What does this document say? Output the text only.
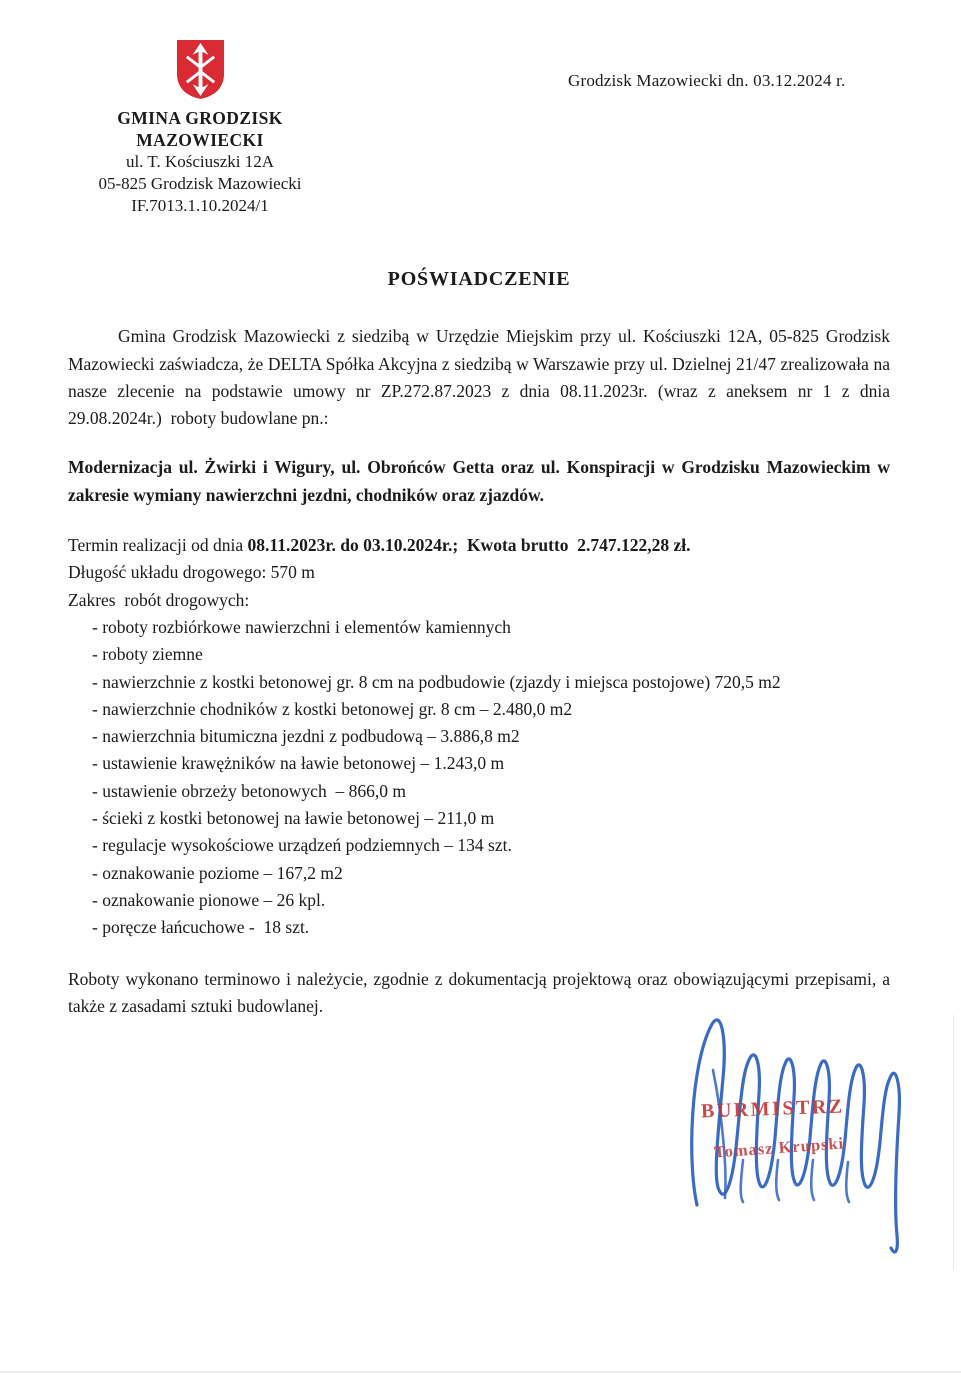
Grodzisk Mazowiecki dn. 03.12.2024 r.
GMINA GRODZISK
MAZOWIECKI
ul. T. Kościuszki 12A
05-825 Grodzisk Mazowiecki
IF.7013.1.10.2024/1
POŚWIADCZENIE

Gmina Grodzisk Mazowiecki z siedzibą w Urzędzie Miejskim przy ul. Kościuszki 12A, 05-825 Grodzisk Mazowiecki zaświadcza, że DELTA Spółka Akcyjna z siedzibą w Warszawie przy ul. Dzielnej 21/47 zrealizowała na nasze zlecenie na podstawie umowy nr ZP.272.87.2023 z dnia 08.11.2023r. (wraz z aneksem nr 1 z dnia 29.08.2024r.)  roboty budowlane pn.:

Modernizacja ul. Żwirki i Wigury, ul. Obrońców Getta oraz ul. Konspiracji w Grodzisku Mazowieckim w zakresie wymiany nawierzchni jezdni, chodników oraz zjazdów.

Termin realizacji od dnia 08.11.2023r. do 03.10.2024r.;  Kwota brutto  2.747.122,28 zł.
Długość układu drogowego: 570 m
Zakres  robót drogowych:
- roboty rozbiórkowe nawierzchni i elementów kamiennych
- roboty ziemne
- nawierzchnie z kostki betonowej gr. 8 cm na podbudowie (zjazdy i miejsca postojowe) 720,5 m2
- nawierzchnie chodników z kostki betonowej gr. 8 cm – 2.480,0 m2
- nawierzchnia bitumiczna jezdni z podbudową – 3.886,8 m2
- ustawienie krawężników na ławie betonowej – 1.243,0 m
- ustawienie obrzeży betonowych  – 866,0 m
- ścieki z kostki betonowej na ławie betonowej – 211,0 m
- regulacje wysokościowe urządzeń podziemnych – 134 szt.
- oznakowanie poziome – 167,2 m2
- oznakowanie pionowe – 26 kpl.
- poręcze łańcuchowe -  18 szt.

Roboty wykonano terminowo i należycie, zgodnie z dokumentacją projektową oraz obowiązującymi przepisami, a także z zasadami sztuki budowlanej.

BURMISTRZ
Tomasz Krupski
